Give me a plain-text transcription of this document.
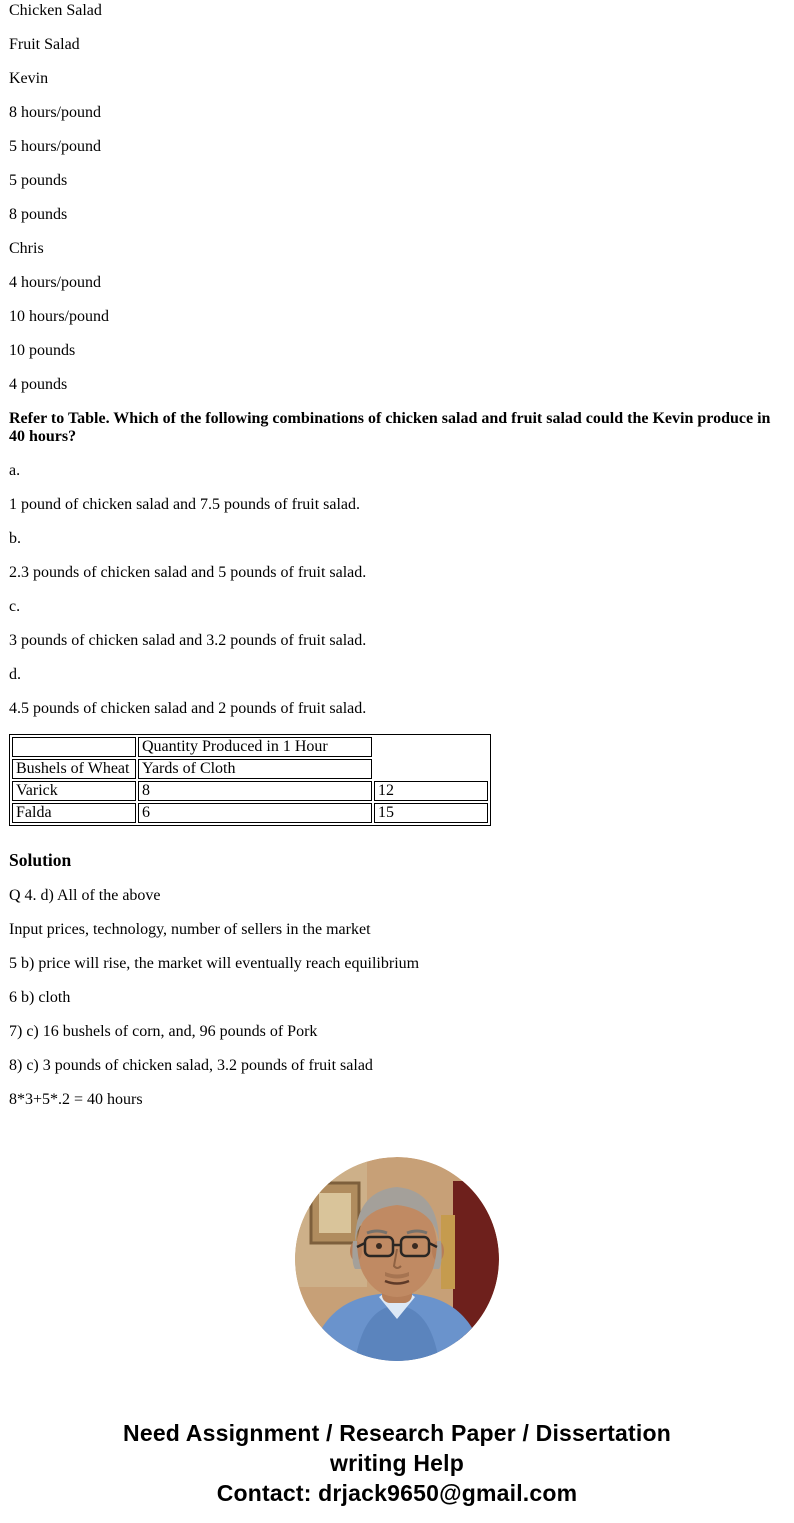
Chicken Salad

Fruit Salad

Kevin

8 hours/pound

5 hours/pound

5 pounds

8 pounds

Chris

4 hours/pound

10 hours/pound

10 pounds

4 pounds

Refer to Table. Which of the following combinations of chicken salad and fruit salad could the Kevin produce in 40 hours?

a.

1 pound of chicken salad and 7.5 pounds of fruit salad.

b.

2.3 pounds of chicken salad and 5 pounds of fruit salad.

c.

3 pounds of chicken salad and 3.2 pounds of fruit salad.

d.

4.5 pounds of chicken salad and 2 pounds of fruit salad.

	Quantity Produced in 1 Hour	
Bushels of Wheat	Yards of Cloth	
Varick	8	12
Falda	6	15
Solution

Q 4. d) All of the above

Input prices, technology, number of sellers in the market

5 b) price will rise, the market will eventually reach equilibrium

6 b) cloth

7) c) 16 bushels of corn, and, 96 pounds of Pork

8) c) 3 pounds of chicken salad, 3.2 pounds of fruit salad

8*3+5*.2 = 40 hours

Need Assignment / Research Paper / Dissertation
writing Help
Contact: drjack9650@gmail.com
